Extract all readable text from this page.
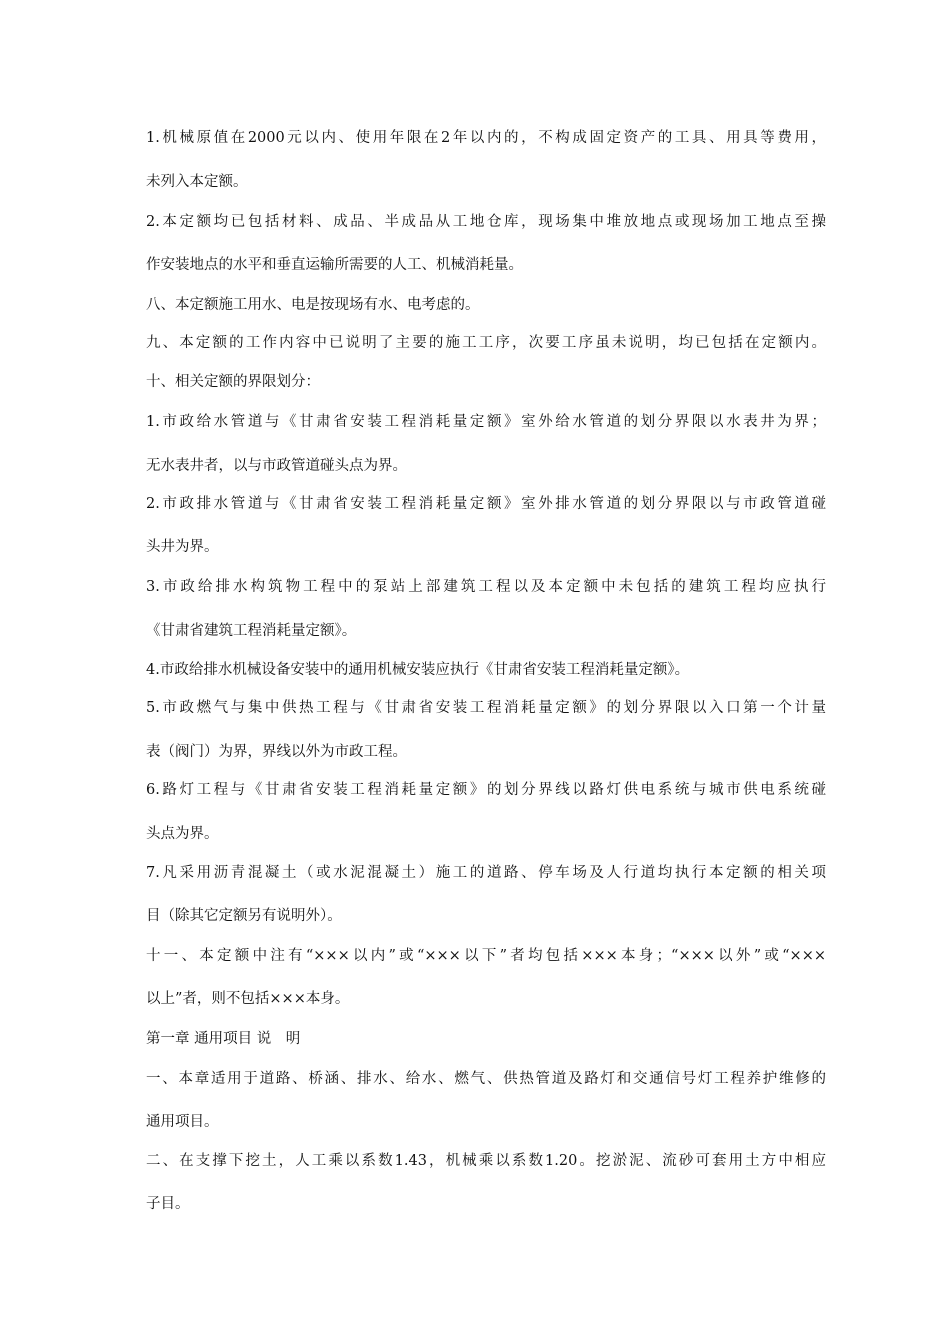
1.机械原值在2000元以内、使用年限在2年以内的，不构成固定资产的工具、用具等费用，
未列入本定额。
2.本定额均已包括材料、成品、半成品从工地仓库，现场集中堆放地点或现场加工地点至操
作安装地点的水平和垂直运输所需要的人工、机械消耗量。
八、本定额施工用水、电是按现场有水、电考虑的。
九、本定额的工作内容中已说明了主要的施工工序，次要工序虽未说明，均已包括在定额内。
十、相关定额的界限划分：
1.市政给水管道与《甘肃省安装工程消耗量定额》室外给水管道的划分界限以水表井为界；
无水表井者，以与市政管道碰头点为界。
2.市政排水管道与《甘肃省安装工程消耗量定额》室外排水管道的划分界限以与市政管道碰
头井为界。
3.市政给排水构筑物工程中的泵站上部建筑工程以及本定额中未包括的建筑工程均应执行
《甘肃省建筑工程消耗量定额》。
4.市政给排水机械设备安装中的通用机械安装应执行《甘肃省安装工程消耗量定额》。
5.市政燃气与集中供热工程与《甘肃省安装工程消耗量定额》的划分界限以入口第一个计量
表（阀门）为界，界线以外为市政工程。
6.路灯工程与《甘肃省安装工程消耗量定额》的划分界线以路灯供电系统与城市供电系统碰
头点为界。
7.凡采用沥青混凝土（或水泥混凝土）施工的道路、停车场及人行道均执行本定额的相关项
目（除其它定额另有说明外）。
十一、本定额中注有“×××以内”或“×××以下”者均包括×××本身；“×××以外”或“×××
以上”者，则不包括×××本身。
第一章 通用项目 说　明
一、本章适用于道路、桥涵、排水、给水、燃气、供热管道及路灯和交通信号灯工程养护维修的
通用项目。
二、在支撑下挖土，人工乘以系数1.43，机械乘以系数1.20。挖淤泥、流砂可套用土方中相应
子目。
